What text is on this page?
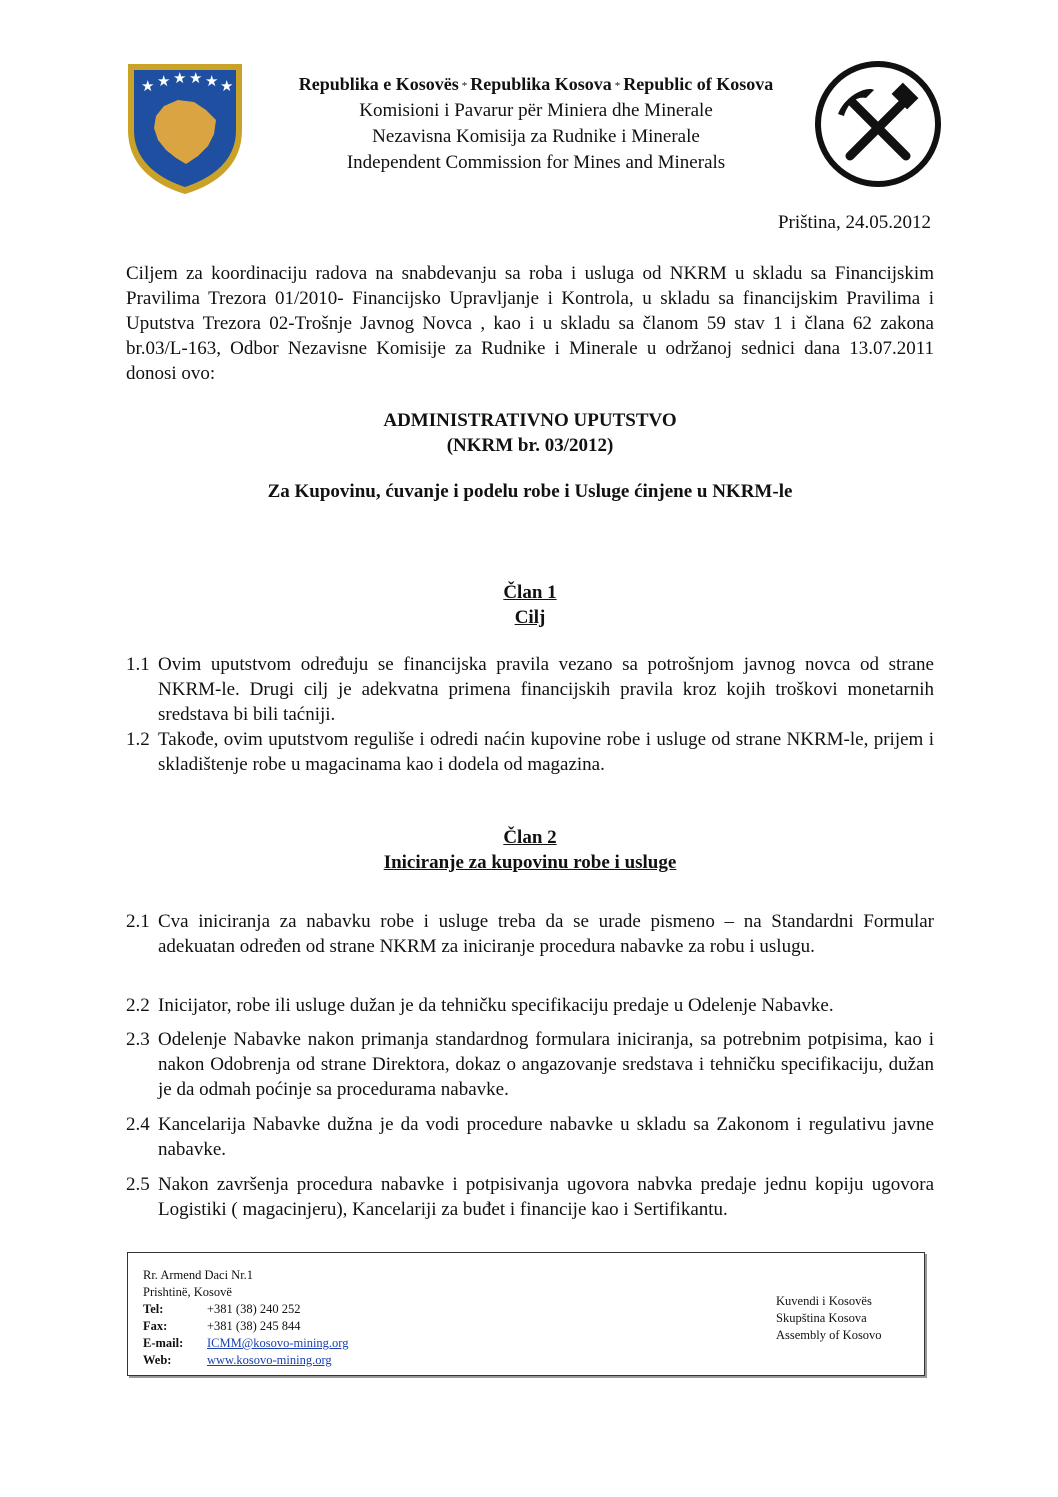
★ ★ ★ ★ ★ ★	Republika e Kosovës * Republika Kosova * Republic of Kosova
Komisioni i Pavarur për Miniera dhe Minerale
Nezavisna Komisija za Rudnike i Minerale
Independent Commission for Mines and Minerals
Priština, 24.05.2012
Ciljem za koordinaciju radova na snabdevanju sa roba i usluga od NKRM u skladu sa Financijskim Pravilima Trezora 01/2010- Financijsko Upravljanje i Kontrola, u skladu sa financijskim Pravilima i Uputstva Trezora 02-Trošnje Javnog Novca , kao i u skladu sa članom 59 stav 1 i člana 62 zakona br.03/L-163, Odbor Nezavisne Komisije za Rudnike i Minerale u održanoj sednici dana 13.07.2011 donosi ovo:
ADMINISTRATIVNO UPUTSTVO
(NKRM br. 03/2012)
Za Kupovinu, ćuvanje i podelu robe i Usluge ćinjene u NKRM-le
Član 1
Cilj
1.1 Ovim uputstvom određuju se financijska pravila vezano sa potrošnjom javnog novca od strane NKRM-le. Drugi cilj je adekvatna primena financijskih pravila kroz kojih troškovi monetarnih sredstava bi bili taćniji.
1.2 Takođe, ovim uputstvom reguliše i odredi naćin kupovine robe i usluge od strane NKRM-le, prijem i skladištenje robe u magacinama kao i dodela od magazina.
Član 2
Iniciranje za kupovinu robe i usluge
2.1 Cva iniciranja za nabavku robe i usluge treba da se urade pismeno – na Standardni Formular adekuatan određen od strane NKRM za iniciranje procedura nabavke za robu i uslugu.
2.2 Inicijator, robe ili usluge dužan je da tehničku specifikaciju predaje u Odelenje Nabavke.
2.3 Odelenje Nabavke nakon primanja standardnog formulara iniciranja, sa potrebnim potpisima, kao i nakon Odobrenja od strane Direktora, dokaz o angazovanje sredstava i tehničku specifikaciju, dužan je da odmah poćinje sa procedurama nabavke.
2.4 Kancelarija Nabavke dužna je da vodi procedure nabavke u skladu sa Zakonom i regulativu javne nabavke.
2.5 Nakon završenja procedura nabavke i potpisivanja ugovora nabvka predaje jednu kopiju ugovora Logistiki ( magacinjeru), Kancelariji za buđet i financije kao i Sertifikantu.
Rr. Armend Daci Nr.1
Prishtinë, Kosovë
Tel:	+381 (38) 240 252
Fax:	+381 (38) 245 844
E-mail: ICMM@kosovo-mining.org
Web:	www.kosovo-mining.org
Kuvendi i Kosovës
Skupština Kosova
Assembly of Kosovo
